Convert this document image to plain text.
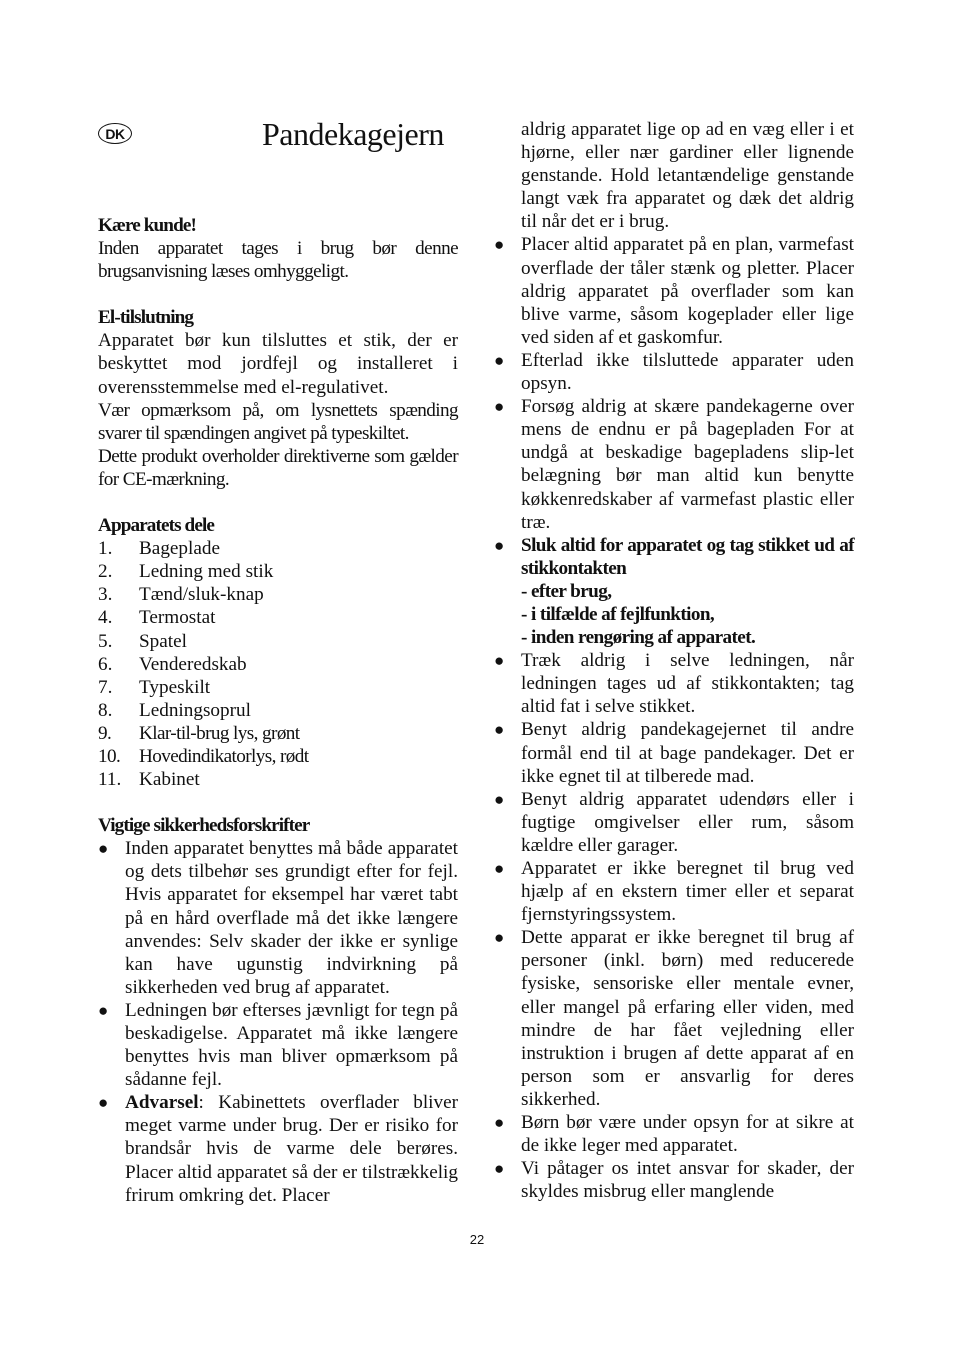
DK	Pandekagejern
Kære kunde!
Inden apparatet tages i brug bør denne brugsanvisning læses omhyggeligt.
El-tilslutning
Apparatet bør kun tilsluttes et stik, der er beskyttet mod jordfejl og installeret i overensstemmelse med el-regulativet.
Vær opmærksom på, om lysnettets spænding svarer til spændingen angivet på typeskiltet.
Dette produkt overholder direktiverne som gælder for CE-mærkning.
Apparatets dele
1.	Bageplade
2.	Ledning med stik
3.	Tænd/sluk-knap
4.	Termostat
5.	Spatel
6.	Venderedskab
7.	Typeskilt
8.	Ledningsoprul
9.	Klar-til-brug lys, grønt
10. Hovedindikatorlys, rødt
11. Kabinet
Vigtige sikkerhedsforskrifter
● Inden apparatet benyttes må både apparatet og dets tilbehør ses grundigt efter for fejl. Hvis apparatet for eksempel har været tabt på en hård overflade må det ikke længere anvendes: Selv skader der ikke er synlige kan have ugunstig indvirkning på sikkerheden ved brug af apparatet.
● Ledningen bør efterses jævnligt for tegn på beskadigelse. Apparatet må ikke længere benyttes hvis man bliver opmærksom på sådanne fejl.
● Advarsel: Kabinettets overflader bliver meget varme under brug. Der er risiko for brandsår hvis de varme dele berøres. Placer altid apparatet så der er tilstrækkelig frirum omkring det. Placer
aldrig apparatet lige op ad en væg eller i et hjørne, eller nær gardiner eller lignende genstande. Hold letantændelige genstande langt væk fra apparatet og dæk det aldrig til når det er i brug.
● Placer altid apparatet på en plan, varmefast overflade der tåler stænk og pletter. Placer aldrig apparatet på overflader som kan blive varme, såsom kogeplader eller lige ved siden af et gaskomfur.
● Efterlad ikke tilsluttede apparater uden opsyn.
● Forsøg aldrig at skære pandekagerne over mens de endnu er på bagepladen For at undgå at beskadige bagepladens slip-let belægning bør man altid kun benytte køkkenredskaber af varmefast plastic eller træ.
● Sluk altid for apparatet og tag stikket ud af stikkontakten
- efter brug,
- i tilfælde af fejlfunktion,
- inden rengøring af apparatet.
● Træk aldrig i selve ledningen, når ledningen tages ud af stikkontakten; tag altid fat i selve stikket.
● Benyt aldrig pandekagejernet til andre formål end til at bage pandekager. Det er ikke egnet til at tilberede mad.
● Benyt aldrig apparatet udendørs eller i fugtige omgivelser eller rum, såsom kældre eller garager.
● Apparatet er ikke beregnet til brug ved hjælp af en ekstern timer eller et separat fjernstyringssystem.
● Dette apparat er ikke beregnet til brug af personer (inkl. børn) med reducerede fysiske, sensoriske eller mentale evner, eller mangel på erfaring eller viden, med mindre de har fået vejledning eller instruktion i brugen af dette apparat af en person som er ansvarlig for deres sikkerhed.
● Børn bør være under opsyn for at sikre at de ikke leger med apparatet.
● Vi påtager os intet ansvar for skader, der skyldes misbrug eller manglende
22
